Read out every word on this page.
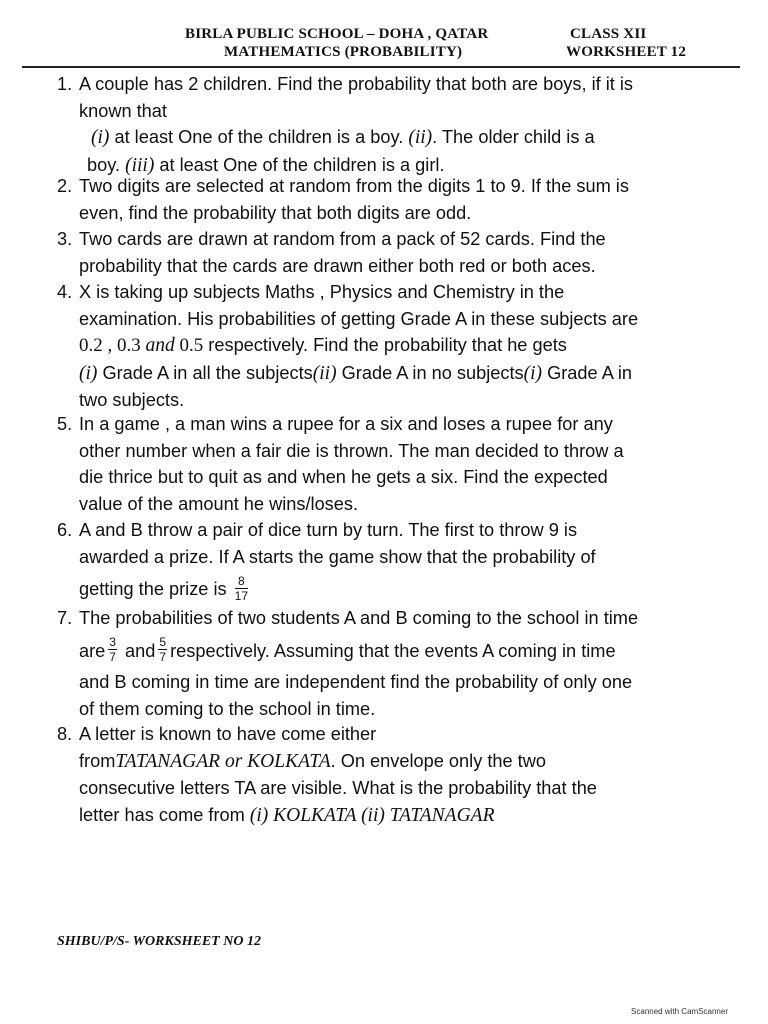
BIRLA PUBLIC SCHOOL – DOHA , QATAR	CLASS XII
MATHEMATICS (PROBABILITY)	WORKSHEET 12
1. A couple has 2 children. Find the probability that both are boys, if it is
known that
(i) at least One of the children is a boy. (ii). The older child is a
boy. (iii) at least One of the children is a girl.
2. Two digits are selected at random from the digits 1 to 9. If the sum is
even, find the probability that both digits are odd.
3. Two cards are drawn at random from a pack of 52 cards. Find the
probability that the cards are drawn either both red or both aces.
4. X is taking up subjects Maths , Physics and Chemistry in the
examination. His probabilities of getting Grade A in these subjects are
0.2 , 0.3 and 0.5 respectively. Find the probability that he gets
(i) Grade A in all the subjects(ii) Grade A in no subjects(i) Grade A in
two subjects.
5. In a game , a man wins a rupee for a six and loses a rupee for any
other number when a fair die is thrown. The man decided to throw a
die thrice but to quit as and when he gets a six. Find the expected
value of the amount he wins/loses.
6. A and B throw a pair of dice turn by turn. The first to throw 9 is
awarded a prize. If A starts the game show that the probability of
getting the prize is $\frac{8}{17}$
7. The probabilities of two students A and B coming to the school in time
are $\frac{3}{7}$ and $\frac{5}{7}$ respectively. Assuming that the events A coming in time
and B coming in time are independent find the probability of only one
of them coming to the school in time.
8. A letter is known to have come either
fromTATANAGAR or KOLKATA. On envelope only the two
consecutive letters TA are visible. What is the probability that the
letter has come from (i) KOLKATA (ii) TATANAGAR
SHIBU/P/S- WORKSHEET NO 12
Scanned with CamScanner
